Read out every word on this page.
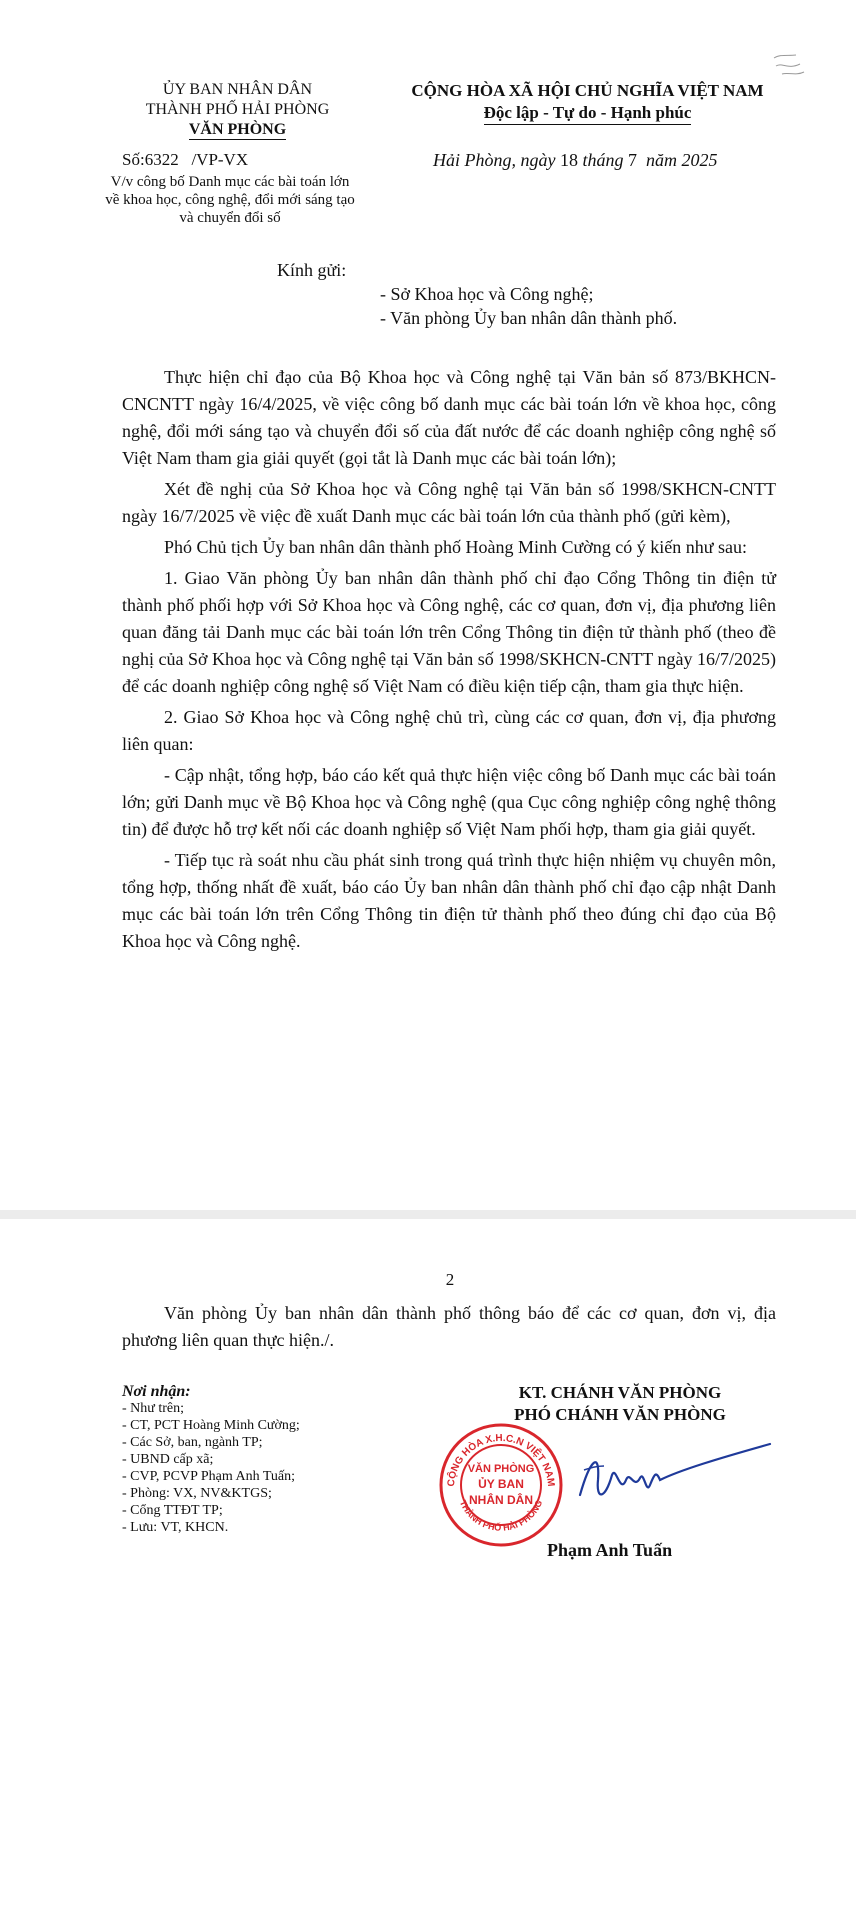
ỦY BAN NHÂN DÂN
THÀNH PHỐ HẢI PHÒNG
VĂN PHÒNG
CỘNG HÒA XÃ HỘI CHỦ NGHĨA VIỆT NAM
Độc lập - Tự do - Hạnh phúc
Số:6322 /VP-VX	Hải Phòng, ngày 18 tháng 7 năm 2025
V/v công bố Danh mục các bài toán lớn
về khoa học, công nghệ, đổi mới sáng tạo
và chuyển đổi số
Kính gửi:
- Sở Khoa học và Công nghệ;
- Văn phòng Ủy ban nhân dân thành phố.

Thực hiện chỉ đạo của Bộ Khoa học và Công nghệ tại Văn bản số 873/BKHCN-CNCNTT ngày 16/4/2025, về việc công bố danh mục các bài toán lớn về khoa học, công nghệ, đổi mới sáng tạo và chuyển đổi số của đất nước để các doanh nghiệp công nghệ số Việt Nam tham gia giải quyết (gọi tắt là Danh mục các bài toán lớn);

Xét đề nghị của Sở Khoa học và Công nghệ tại Văn bản số 1998/SKHCN-CNTT ngày 16/7/2025 về việc đề xuất Danh mục các bài toán lớn của thành phố (gửi kèm),

Phó Chủ tịch Ủy ban nhân dân thành phố Hoàng Minh Cường có ý kiến như sau:

1. Giao Văn phòng Ủy ban nhân dân thành phố chỉ đạo Cổng Thông tin điện tử thành phố phối hợp với Sở Khoa học và Công nghệ, các cơ quan, đơn vị, địa phương liên quan đăng tải Danh mục các bài toán lớn trên Cổng Thông tin điện tử thành phố (theo đề nghị của Sở Khoa học và Công nghệ tại Văn bản số 1998/SKHCN-CNTT ngày 16/7/2025) để các doanh nghiệp công nghệ số Việt Nam có điều kiện tiếp cận, tham gia thực hiện.

2. Giao Sở Khoa học và Công nghệ chủ trì, cùng các cơ quan, đơn vị, địa phương liên quan:

- Cập nhật, tổng hợp, báo cáo kết quả thực hiện việc công bố Danh mục các bài toán lớn; gửi Danh mục về Bộ Khoa học và Công nghệ (qua Cục công nghiệp công nghệ thông tin) để được hỗ trợ kết nối các doanh nghiệp số Việt Nam phối hợp, tham gia giải quyết.

- Tiếp tục rà soát nhu cầu phát sinh trong quá trình thực hiện nhiệm vụ chuyên môn, tổng hợp, thống nhất đề xuất, báo cáo Ủy ban nhân dân thành phố chỉ đạo cập nhật Danh mục các bài toán lớn trên Cổng Thông tin điện tử thành phố theo đúng chỉ đạo của Bộ Khoa học và Công nghệ.

2

Văn phòng Ủy ban nhân dân thành phố thông báo để các cơ quan, đơn vị, địa phương liên quan thực hiện./.

Nơi nhận:
- Như trên;
- CT, PCT Hoàng Minh Cường;
- Các Sở, ban, ngành TP;
- UBND cấp xã;
- CVP, PCVP Phạm Anh Tuấn;
- Phòng: VX, NV&KTGS;
- Cổng TTĐT TP;
- Lưu: VT, KHCN.
KT. CHÁNH VĂN PHÒNG
PHÓ CHÁNH VĂN PHÒNG
CỘNG HÒA X.H.C.N VIỆT NAM
THÀNH PHỐ HẢI PHÒNG
VĂN PHÒNG
ỦY BAN
NHÂN DÂN
Phạm Anh Tuấn
